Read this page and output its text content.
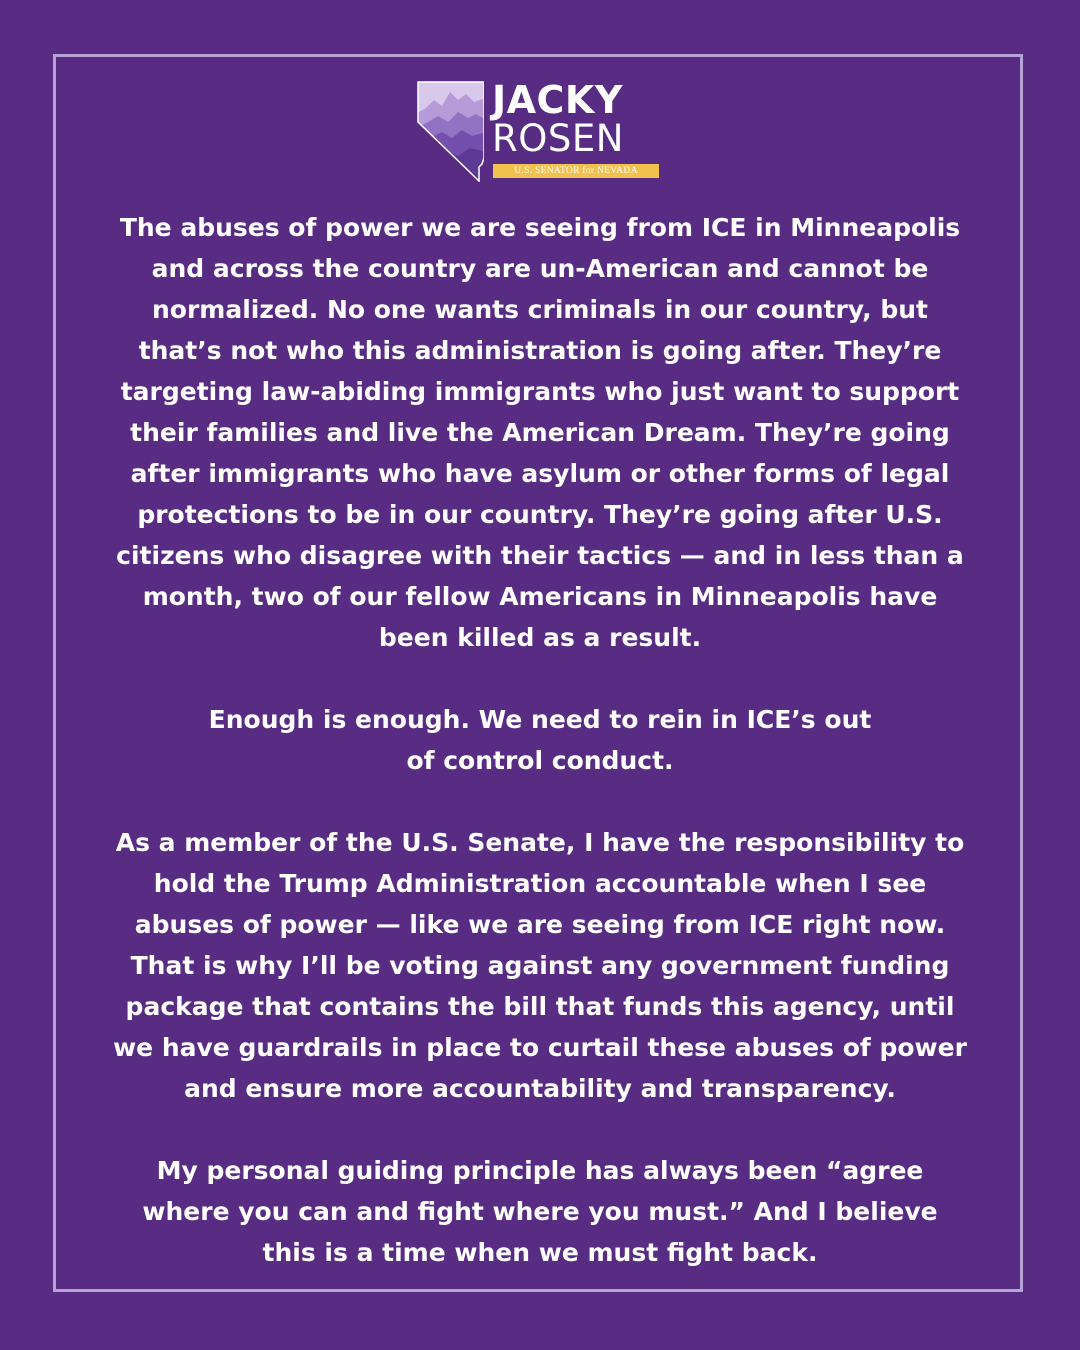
JACKY
ROSEN
U.S. SENATOR for NEVADA
The abuses of power we are seeing from ICE in Minneapolis
and across the country are un-American and cannot be
normalized. No one wants criminals in our country, but
that’s not who this administration is going after. They’re
targeting law-abiding immigrants who just want to support
their families and live the American Dream. They’re going
after immigrants who have asylum or other forms of legal
protections to be in our country. They’re going after U.S.
citizens who disagree with their tactics — and in less than a
month, two of our fellow Americans in Minneapolis have
been killed as a result.
Enough is enough. We need to rein in ICE’s out
of control conduct.
As a member of the U.S. Senate, I have the responsibility to
hold the Trump Administration accountable when I see
abuses of power — like we are seeing from ICE right now.
That is why I’ll be voting against any government funding
package that contains the bill that funds this agency, until
we have guardrails in place to curtail these abuses of power
and ensure more accountability and transparency.
My personal guiding principle has always been “agree
where you can and fight where you must.” And I believe
this is a time when we must fight back.
